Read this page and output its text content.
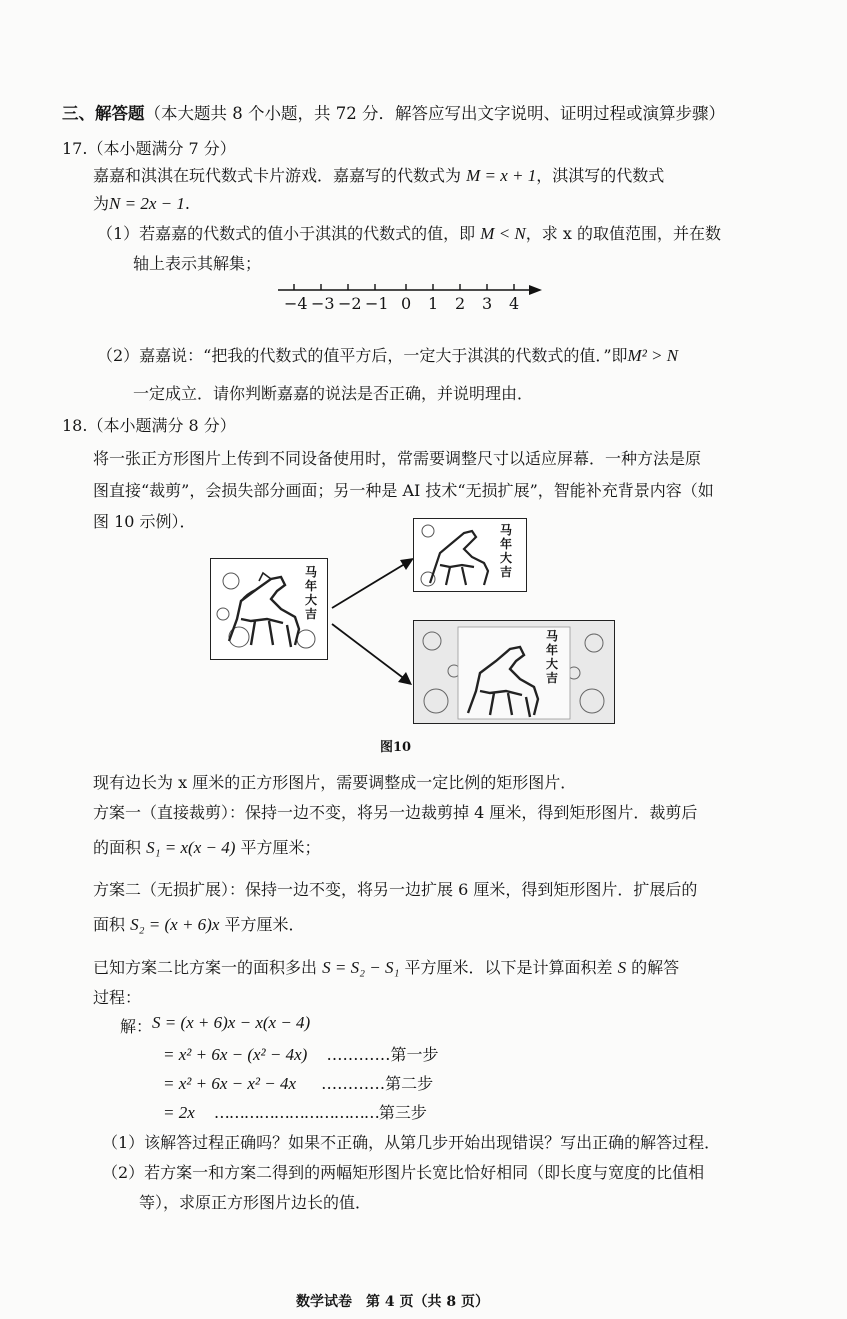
三、解答题（本大题共 8 个小题，共 72 分．解答应写出文字说明、证明过程或演算步骤）
17.（本小题满分 7 分）
嘉嘉和淇淇在玩代数式卡片游戏．嘉嘉写的代数式为 M = x + 1，淇淇写的代数式
为N = 2x − 1.
（1）若嘉嘉的代数式的值小于淇淇的代数式的值，即 M < N，求 x 的取值范围，并在数
轴上表示其解集；
−4 −3 −2 −1 0 1 2 3 4
（2）嘉嘉说：“把我的代数式的值平方后，一定大于淇淇的代数式的值．”即M² > N
一定成立．请你判断嘉嘉的说法是否正确，并说明理由．
18.（本小题满分 8 分）
将一张正方形图片上传到不同设备使用时，常需要调整尺寸以适应屏幕．一种方法是原
图直接“裁剪”，会损失部分画面；另一种是 AI 技术“无损扩展”，智能补充背景内容（如
图 10 示例）．
马年大吉
马年大吉
马年大吉
图10
现有边长为 x 厘米的正方形图片，需要调整成一定比例的矩形图片．
方案一（直接裁剪）：保持一边不变，将另一边裁剪掉 4 厘米，得到矩形图片．裁剪后
的面积 S₁ = x(x − 4) 平方厘米；
方案二（无损扩展）：保持一边不变，将另一边扩展 6 厘米，得到矩形图片．扩展后的
面积 S₂ = (x + 6)x 平方厘米．
已知方案二比方案一的面积多出 S = S₂ − S₁ 平方厘米．以下是计算面积差 S 的解答
过程：
解： S = (x + 6)x − x(x − 4)
= x² + 6x − (x² − 4x) …………第一步
= x² + 6x − x² − 4x …………第二步
= 2x ……………………………第三步
（1）该解答过程正确吗？如果不正确，从第几步开始出现错误？写出正确的解答过程．
（2）若方案一和方案二得到的两幅矩形图片长宽比恰好相同（即长度与宽度的比值相
等），求原正方形图片边长的值．
数学试卷　第 4 页（共 8 页）
